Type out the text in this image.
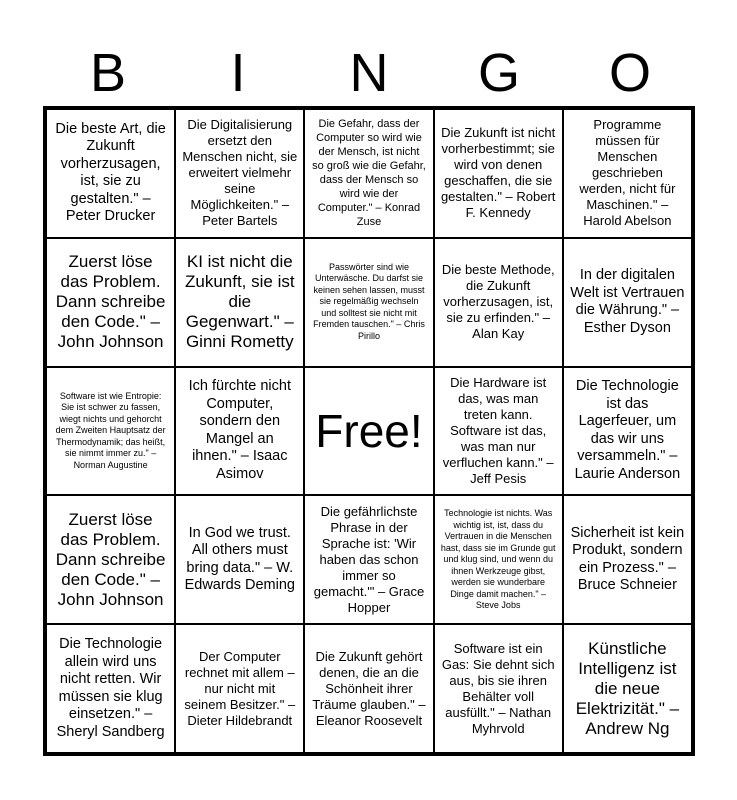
B	I	N	G	O
Die beste Art, die Zukunft vorherzusagen, ist, sie zu gestalten." – Peter Drucker
Die Digitalisierung ersetzt den Menschen nicht, sie erweitert vielmehr seine Möglichkeiten." – Peter Bartels
Die Gefahr, dass der Computer so wird wie der Mensch, ist nicht so groß wie die Gefahr, dass der Mensch so wird wie der Computer." – Konrad Zuse
Die Zukunft ist nicht vorherbestimmt; sie wird von denen geschaffen, die sie gestalten." – Robert F. Kennedy
Programme müssen für Menschen geschrieben werden, nicht für Maschinen." – Harold Abelson
Zuerst löse das Problem. Dann schreibe den Code." – John Johnson
KI ist nicht die Zukunft, sie ist die Gegenwart." – Ginni Rometty
Passwörter sind wie Unterwäsche. Du darfst sie keinen sehen lassen, musst sie regelmäßig wechseln und solltest sie nicht mit Fremden tauschen." – Chris Pirillo
Die beste Methode, die Zukunft vorherzusagen, ist, sie zu erfinden." – Alan Kay
In der digitalen Welt ist Vertrauen die Währung." – Esther Dyson
Software ist wie Entropie: Sie ist schwer zu fassen, wiegt nichts und gehorcht dem Zweiten Hauptsatz der Thermodynamik; das heißt, sie nimmt immer zu." – Norman Augustine
Ich fürchte nicht Computer, sondern den Mangel an ihnen." – Isaac Asimov
Free!
Die Hardware ist das, was man treten kann. Software ist das, was man nur verfluchen kann." – Jeff Pesis
Die Technologie ist das Lagerfeuer, um das wir uns versammeln." – Laurie Anderson
Zuerst löse das Problem. Dann schreibe den Code." – John Johnson
In God we trust. All others must bring data." – W. Edwards Deming
Die gefährlichste Phrase in der Sprache ist: 'Wir haben das schon immer so gemacht.'" – Grace Hopper
Technologie ist nichts. Was wichtig ist, ist, dass du Vertrauen in die Menschen hast, dass sie im Grunde gut und klug sind, und wenn du ihnen Werkzeuge gibst, werden sie wunderbare Dinge damit machen." – Steve Jobs
Sicherheit ist kein Produkt, sondern ein Prozess." – Bruce Schneier
Die Technologie allein wird uns nicht retten. Wir müssen sie klug einsetzen." – Sheryl Sandberg
Der Computer rechnet mit allem – nur nicht mit seinem Besitzer." – Dieter Hildebrandt
Die Zukunft gehört denen, die an die Schönheit ihrer Träume glauben." – Eleanor Roosevelt
Software ist ein Gas: Sie dehnt sich aus, bis sie ihren Behälter voll ausfüllt." – Nathan Myhrvold
Künstliche Intelligenz ist die neue Elektrizität." – Andrew Ng
